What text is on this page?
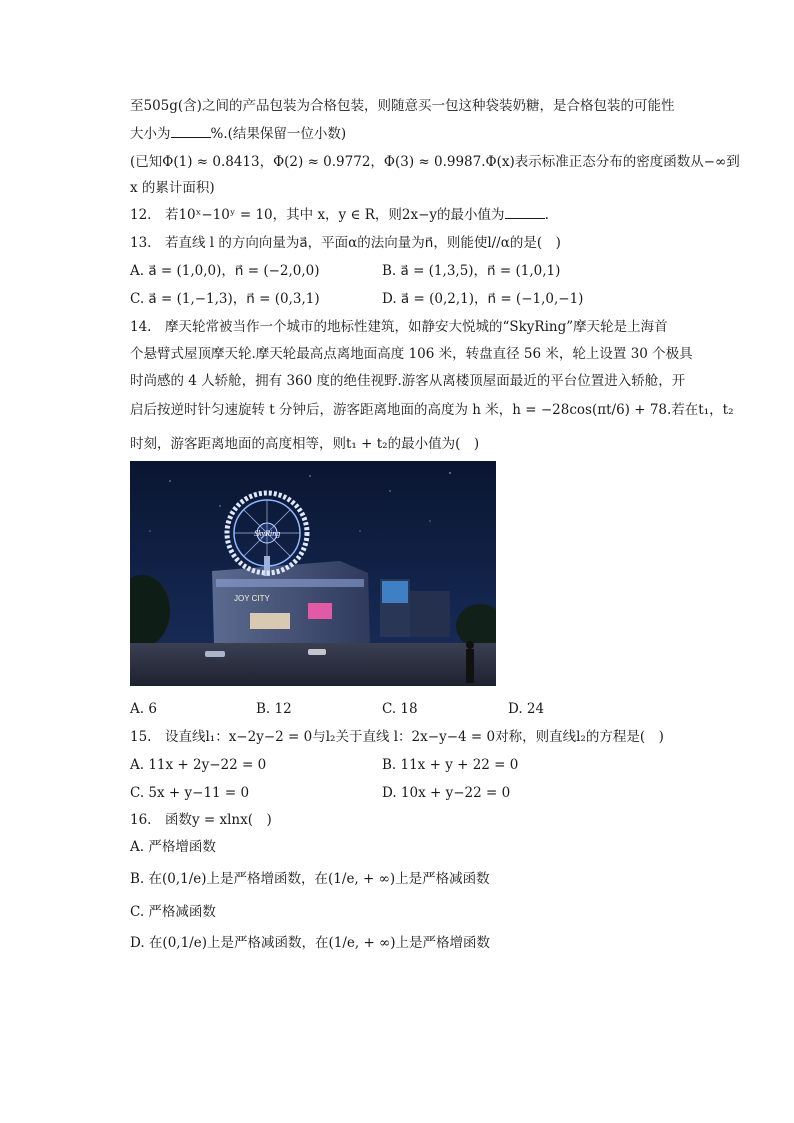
至505g(含)之间的产品包装为合格包装，则随意买一包这种袋装奶糖，是合格包装的可能性
大小为	%.(结果保留一位小数)
(已知Φ(1) ≈ 0.8413，Φ(2) ≈ 0.9772，Φ(3) ≈ 0.9987.Φ(x)表示标准正态分布的密度函数从−∞到
x 的累计面积)
12.　若10ˣ−10ʸ = 10，其中 x，y ∈ R，则2x−y的最小值为	.
13.　若直线 l 的方向向量为a⃗，平面α的法向量为n⃗，则能使l//α的是(　)
A. a⃗ = (1,0,0)，n⃗ = (−2,0,0)	B. a⃗ = (1,3,5)，n⃗ = (1,0,1)
C. a⃗ = (1,−1,3)，n⃗ = (0,3,1)	D. a⃗ = (0,2,1)，n⃗ = (−1,0,−1)
14.　摩天轮常被当作一个城市的地标性建筑，如静安大悦城的“SkyRing”摩天轮是上海首
个悬臂式屋顶摩天轮.摩天轮最高点离地面高度 106 米，转盘直径 56 米，轮上设置 30 个极具
时尚感的 4 人轿舱，拥有 360 度的绝佳视野.游客从离楼顶屋面最近的平台位置进入轿舱，开
启后按逆时针匀速旋转 t 分钟后，游客距离地面的高度为 h 米，h = −28cos(πt/6) + 78.若在t₁，t₂
时刻，游客距离地面的高度相等，则t₁ + t₂的最小值为(　)
JOY CITY
SkyRing
A. 6	B. 12	C. 18	D. 24
15.　设直线l₁：x−2y−2 = 0与l₂关于直线 l：2x−y−4 = 0对称，则直线l₂的方程是(　)
A. 11x + 2y−22 = 0	B. 11x + y + 22 = 0
C. 5x + y−11 = 0	D. 10x + y−22 = 0
16.　函数y = xlnx(　)
A. 严格增函数
B. 在(0,1/e)上是严格增函数，在(1/e, + ∞)上是严格减函数
C. 严格减函数
D. 在(0,1/e)上是严格减函数，在(1/e, + ∞)上是严格增函数
